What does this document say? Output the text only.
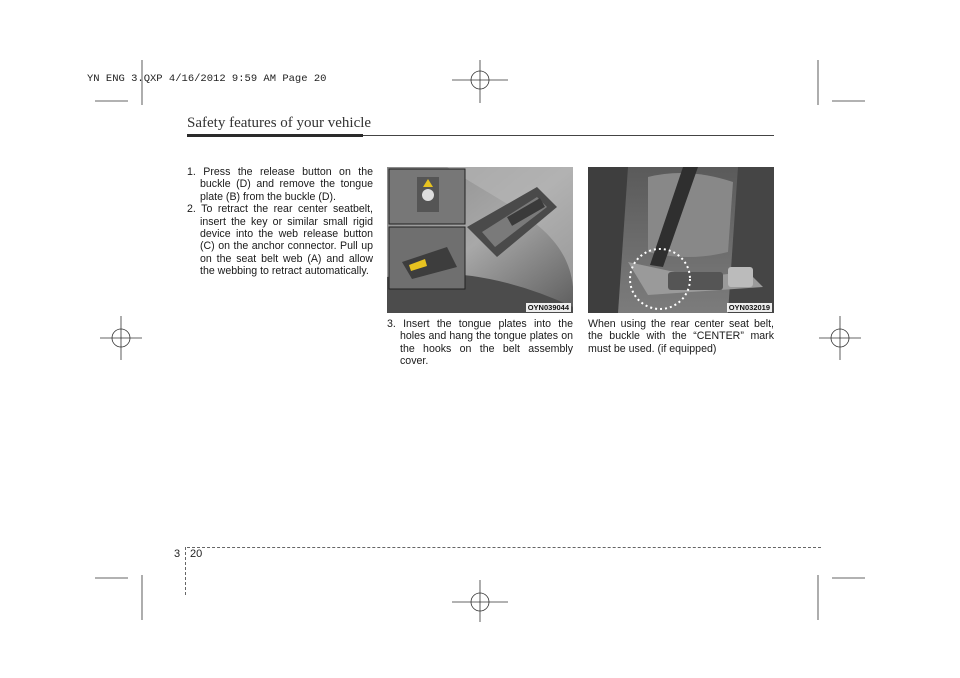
YN ENG 3.QXP 4/16/2012 9:59 AM Page 20
Safety features of your vehicle
1. Press the release button on the buckle (D) and remove the tongue plate (B) from the buckle (D).
2. To retract the rear center seatbelt, insert the key or similar small rigid device into the web release button (C) on the anchor connector. Pull up on the seat belt web (A) and allow the webbing to retract automatically.
OYN039044
3. Insert the tongue plates into the holes and hang the tongue plates on the hooks on the belt assembly cover.
OYN032019
When using the rear center seat belt, the buckle with the “CENTER” mark must be used. (if equipped)
3 20
